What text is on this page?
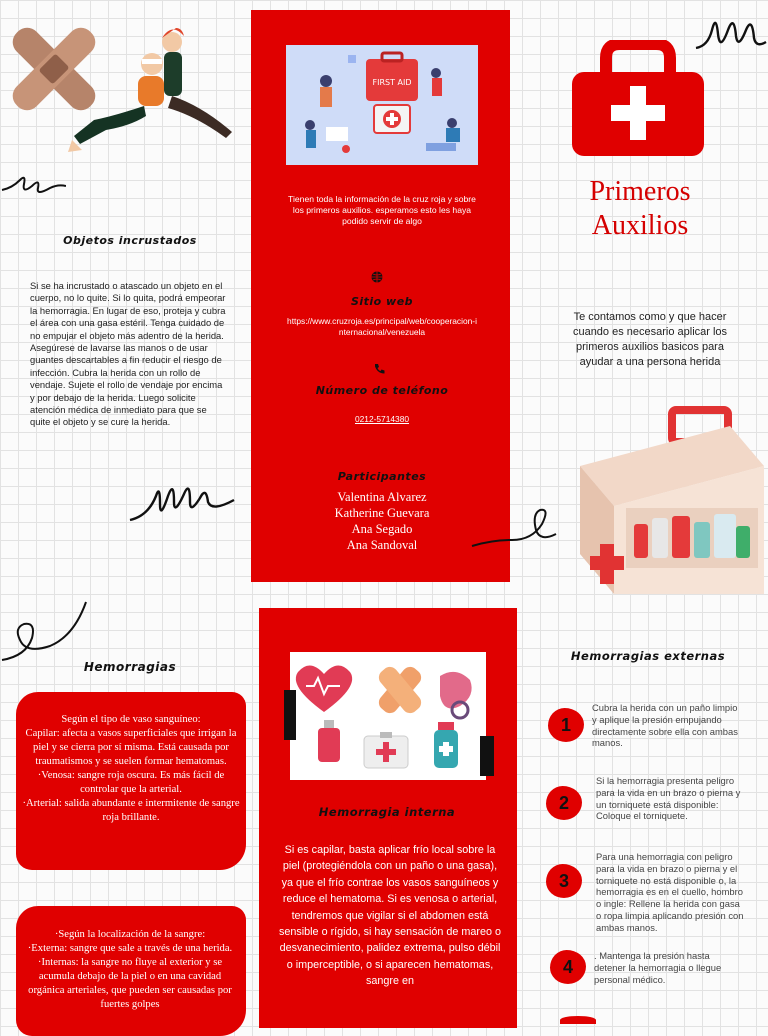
Objetos incrustados
Si se ha incrustado o atascado un objeto en el cuerpo, no lo quite. Si lo quita, podrá empeorar la hemorragia. En lugar de eso, proteja y cubra el área con una gasa estéril. Tenga cuidado de no empujar el objeto más adentro de la herida. Asegúrese de lavarse las manos o de usar guantes descartables a fin reducir el riesgo de infección. Cubra la herida con un rollo de vendaje. Sujete el rollo de vendaje por encima y por debajo de la herida. Luego solicite atención médica de inmediato para que se quite el objeto y se cure la herida.
FIRST AID
Tienen toda la información de la cruz roja y sobre los primeros auxilios. esperamos esto les haya podido servir de algo
Sitio web
https://www.cruzroja.es/principal/web/cooperacion-internacional/venezuela
Número de teléfono
0212-5714380
Participantes
Valentina Alvarez
Katherine Guevara
Ana Segado
Ana Sandoval
Primeros
Auxilios
Te contamos como y que hacer cuando es necesario aplicar los primeros auxilios basicos para ayudar a una persona herida
Hemorragias
Según el tipo de vaso sanguíneo:
Capilar: afecta a vasos superficiales que irrigan la piel y se cierra por sí misma. Está causada por traumatismos y se suelen formar hematomas.
·Venosa: sangre roja oscura. Es más fácil de controlar que la arterial.
·Arterial: salida abundante e intermitente de sangre roja brillante.
·Según la localización de la sangre:
·Externa: sangre que sale a través de una herida.
·Internas: la sangre no fluye al exterior y se acumula debajo de la piel o en una cavidad orgánica arteriales, que pueden ser causadas por fuertes golpes
Hemorragia interna
Si es capilar, basta aplicar frío local sobre la piel (protegiéndola con un paño o una gasa), ya que el frío contrae los vasos sanguíneos y reduce el hematoma. Si es venosa o arterial, tendremos que vigilar si el abdomen está sensible o rígido, si hay sensación de mareo o desvanecimiento, palidez extrema, pulso débil o imperceptible, o si aparecen hematomas, sangre en
Hemorragias externas
1
Cubra la herida con un paño limpio y aplique la presión empujando directamente sobre ella con ambas manos.
2
Si la hemorragia presenta peligro para la vida en un brazo o pierna y un torniquete está disponible: Coloque el torniquete.
3
Para una hemorragia con peligro para la vida en brazo o pierna y el torniquete no está disponible o, la hemorragia es en el cuello, hombro o ingle: Rellene la herida con gasa o ropa limpia aplicando presión con ambas manos.
4
. Mantenga la presión hasta detener la hemorragia o llegue personal médico.
